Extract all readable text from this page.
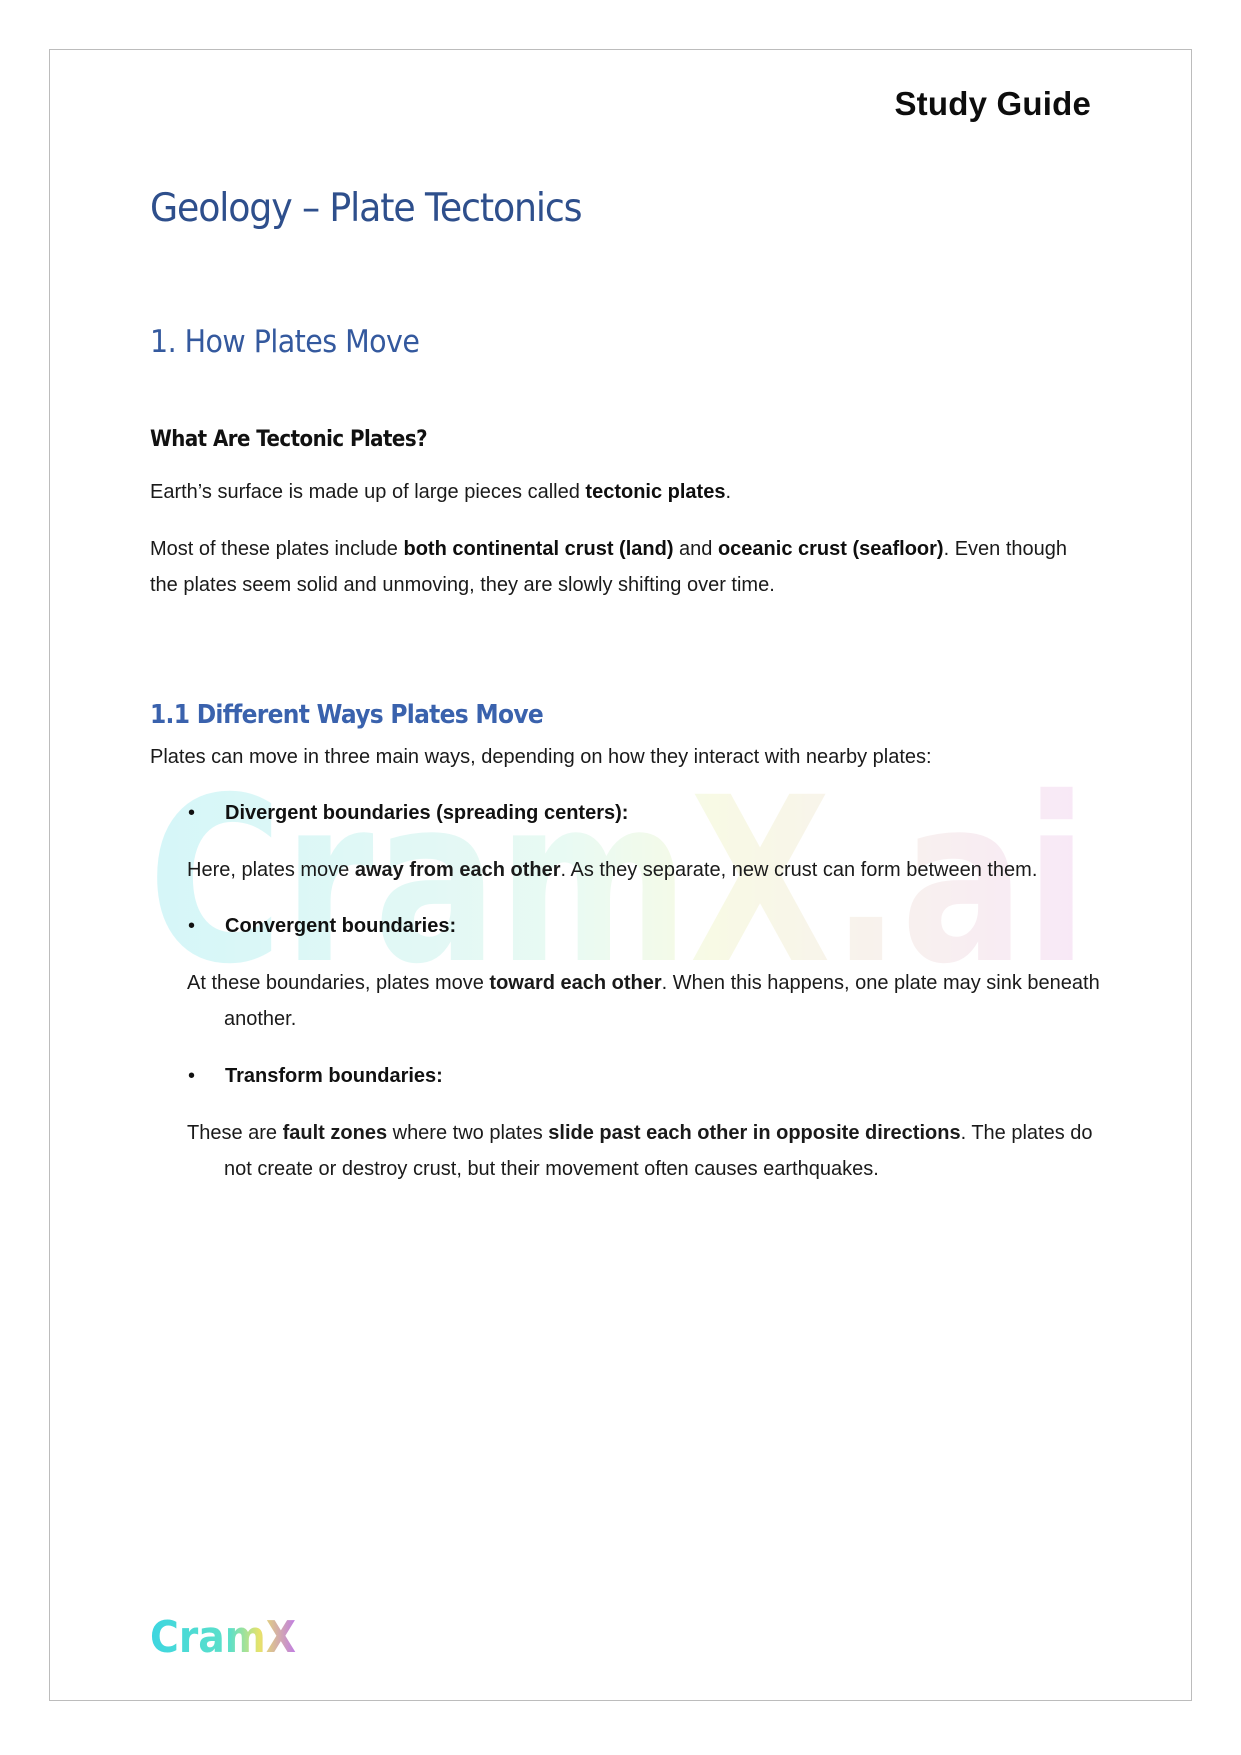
CramX.ai
Study Guide
Geology – Plate Tectonics
1. How Plates Move
What Are Tectonic Plates?

Earth’s surface is made up of large pieces called tectonic plates.

Most of these plates include both continental crust (land) and oceanic crust (seafloor). Even though the plates seem solid and unmoving, they are slowly shifting over time.

1.1 Different Ways Plates Move

Plates can move in three main ways, depending on how they interact with nearby plates:

• Divergent boundaries (spreading centers):

Here, plates move away from each other. As they separate, new crust can form between them.

• Convergent boundaries:

At these boundaries, plates move toward each other. When this happens, one plate may sink beneath another.

• Transform boundaries:

These are fault zones where two plates slide past each other in opposite directions. The plates do not create or destroy crust, but their movement often causes earthquakes.

CramX
